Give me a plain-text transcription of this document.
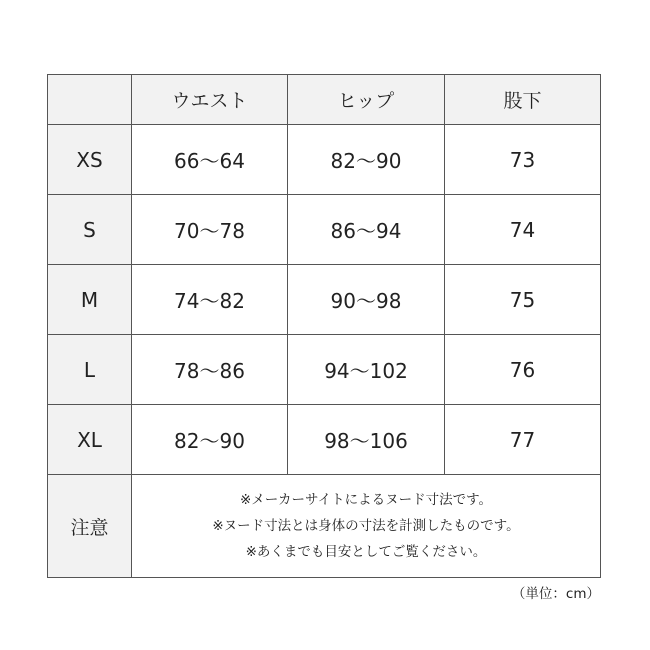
	ウエスト	ヒップ	股下
XS	66〜64	82〜90	73
S	70〜78	86〜94	74
M	74〜82	90〜98	75
L	78〜86	94〜102	76
XL	82〜90	98〜106	77
注意	※メーカーサイトによるヌード寸法です。
※ヌード寸法とは身体の寸法を計測したものです。
※あくまでも目安としてご覧ください。		
（単位：cm）
